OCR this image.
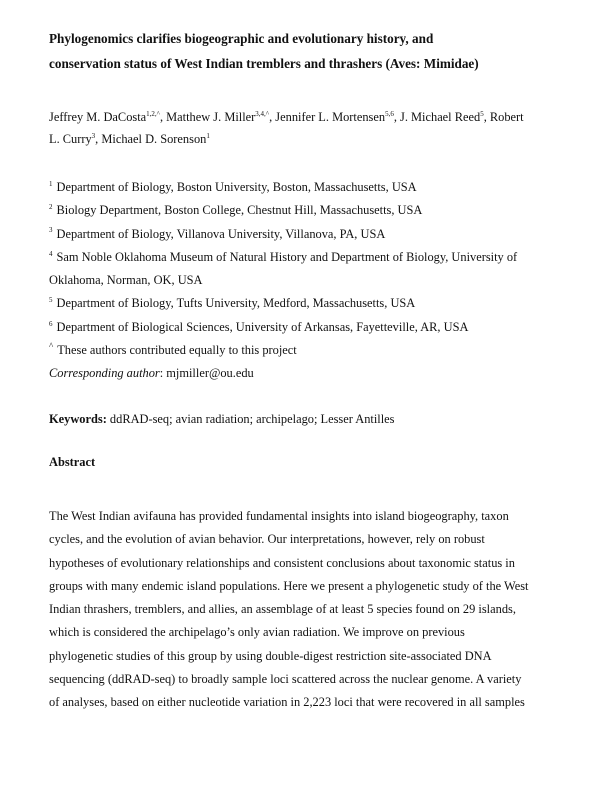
Phylogenomics clarifies biogeographic and evolutionary history, and
conservation status of West Indian tremblers and thrashers (Aves: Mimidae)

Jeffrey M. DaCosta$^{1,2,\^{}}$, Matthew J. Miller$^{3,4,\^{}}$, Jennifer L. Mortensen$^{5,6}$, J. Michael Reed$^5$, Robert
L. Curry$^3$, Michael D. Sorenson$^1$

$^1$ Department of Biology, Boston University, Boston, Massachusetts, USA
$^2$ Biology Department, Boston College, Chestnut Hill, Massachusetts, USA
$^3$ Department of Biology, Villanova University, Villanova, PA, USA
$^4$ Sam Noble Oklahoma Museum of Natural History and Department of Biology, University of
Oklahoma, Norman, OK, USA
$^5$ Department of Biology, Tufts University, Medford, Massachusetts, USA
$^6$ Department of Biological Sciences, University of Arkansas, Fayetteville, AR, USA
^ These authors contributed equally to this project
Corresponding author: mjmiller@ou.edu

Keywords: ddRAD-seq; avian radiation; archipelago; Lesser Antilles

Abstract

The West Indian avifauna has provided fundamental insights into island biogeography, taxon
cycles, and the evolution of avian behavior. Our interpretations, however, rely on robust
hypotheses of evolutionary relationships and consistent conclusions about taxonomic status in
groups with many endemic island populations. Here we present a phylogenetic study of the West
Indian thrashers, tremblers, and allies, an assemblage of at least 5 species found on 29 islands,
which is considered the archipelago’s only avian radiation. We improve on previous
phylogenetic studies of this group by using double-digest restriction site-associated DNA
sequencing (ddRAD-seq) to broadly sample loci scattered across the nuclear genome. A variety
of analyses, based on either nucleotide variation in 2,223 loci that were recovered in all samples
